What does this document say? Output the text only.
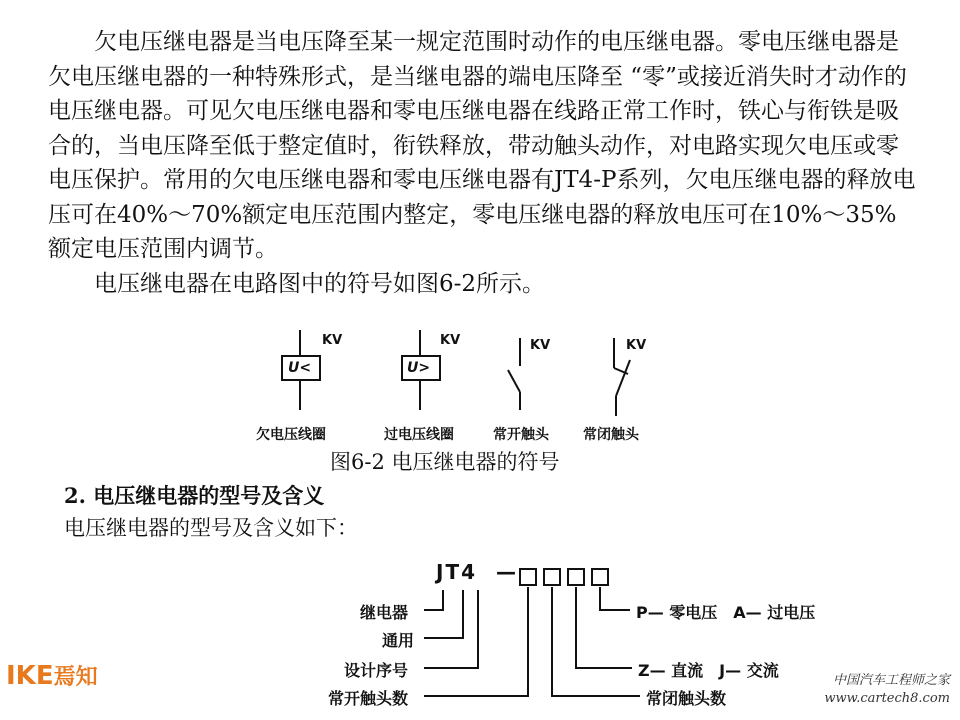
欠电压继电器是当电压降至某一规定范围时动作的电压继电器。零电压继电器是欠电压继电器的一种特殊形式，是当继电器的端电压降至 “零”或接近消失时才动作的电压继电器。可见欠电压继电器和零电压继电器在线路正常工作时，铁心与衔铁是吸合的，当电压降至低于整定值时，衔铁释放，带动触头动作，对电路实现欠电压或零电压保护。常用的欠电压继电器和零电压继电器有JT4-P系列，欠电压继电器的释放电压可在40%～70%额定电压范围内整定，零电压继电器的释放电压可在10%～35%额定电压范围内调节。

电压继电器在电路图中的符号如图6-2所示。

KV	KV	KV	KV
U<	U>
欠电压线圈	过电压线圈	常开触头 常闭触头
图6-2 电压继电器的符号
2. 电压继电器的型号及含义
电压继电器的型号及含义如下：
JT4 —
继电器
通用
设计序号
常开触头数
P— 零电压　A— 过电压
Z— 直流　J— 交流
常闭触头数
IKE焉知	中国汽车工程师之家
www.cartech8.com
